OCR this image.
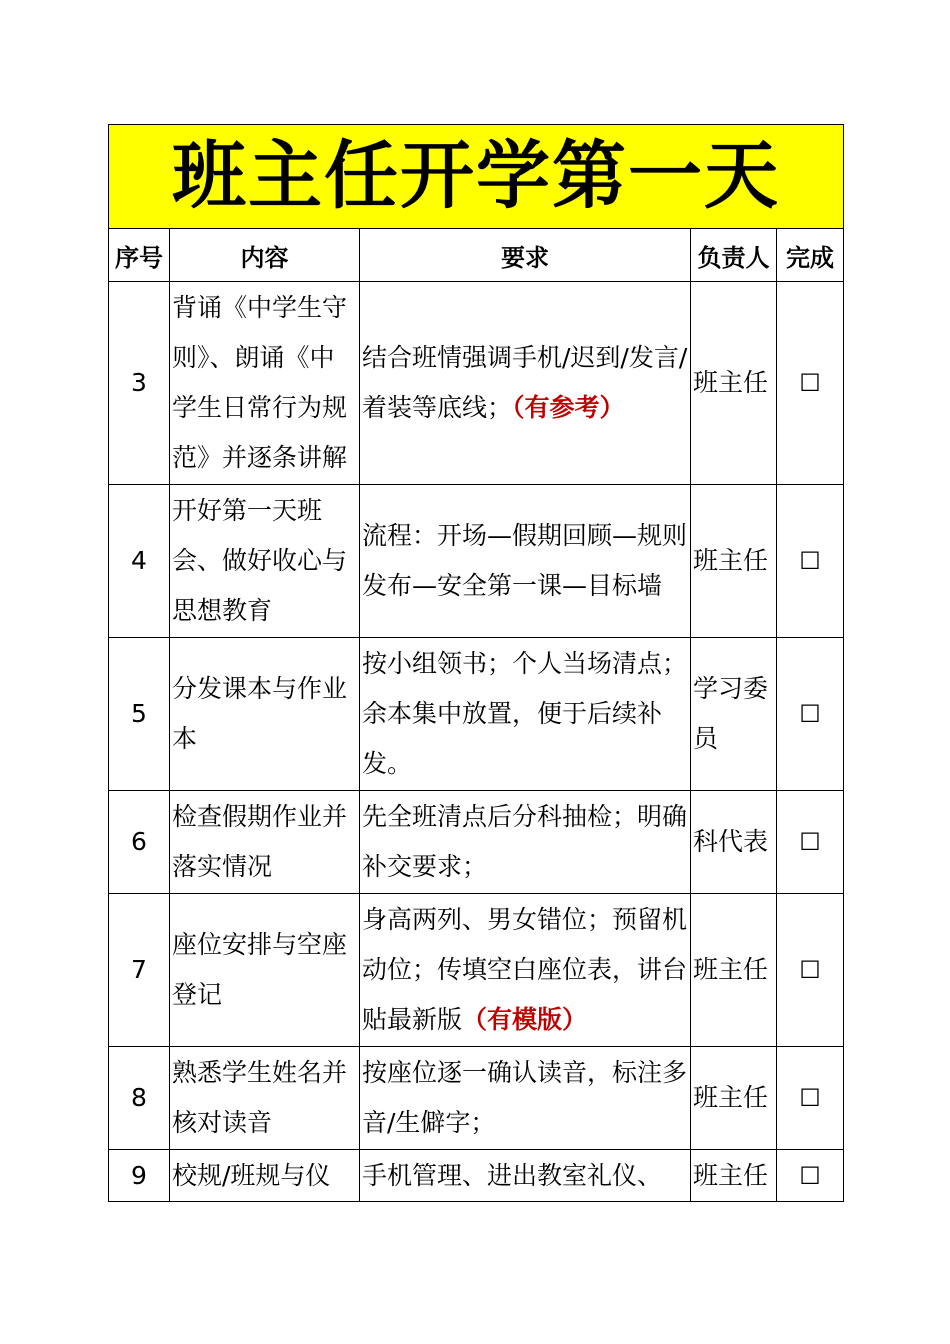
班主任开学第一天				
序号	内容	要求	负责人	完成
3	背诵《中学生守则》、朗诵《中学生日常行为规范》并逐条讲解	结合班情强调手机/迟到/发言/着装等底线；（有参考）	班主任	☐
4	开好第一天班会、做好收心与思想教育	流程：开场—假期回顾—规则发布—安全第一课—目标墙	班主任	☐
5	分发课本与作业本	按小组领书；个人当场清点；余本集中放置，便于后续补发。	学习委员	☐
6	检查假期作业并落实情况	先全班清点后分科抽检；明确补交要求；	科代表	☐
7	座位安排与空座登记	身高两列、男女错位；预留机动位；传填空白座位表，讲台贴最新版（有模版）	班主任	☐
8	熟悉学生姓名并核对读音	按座位逐一确认读音，标注多音/生僻字；	班主任	☐
9	校规/班规与仪	手机管理、进出教室礼仪、	班主任	☐
